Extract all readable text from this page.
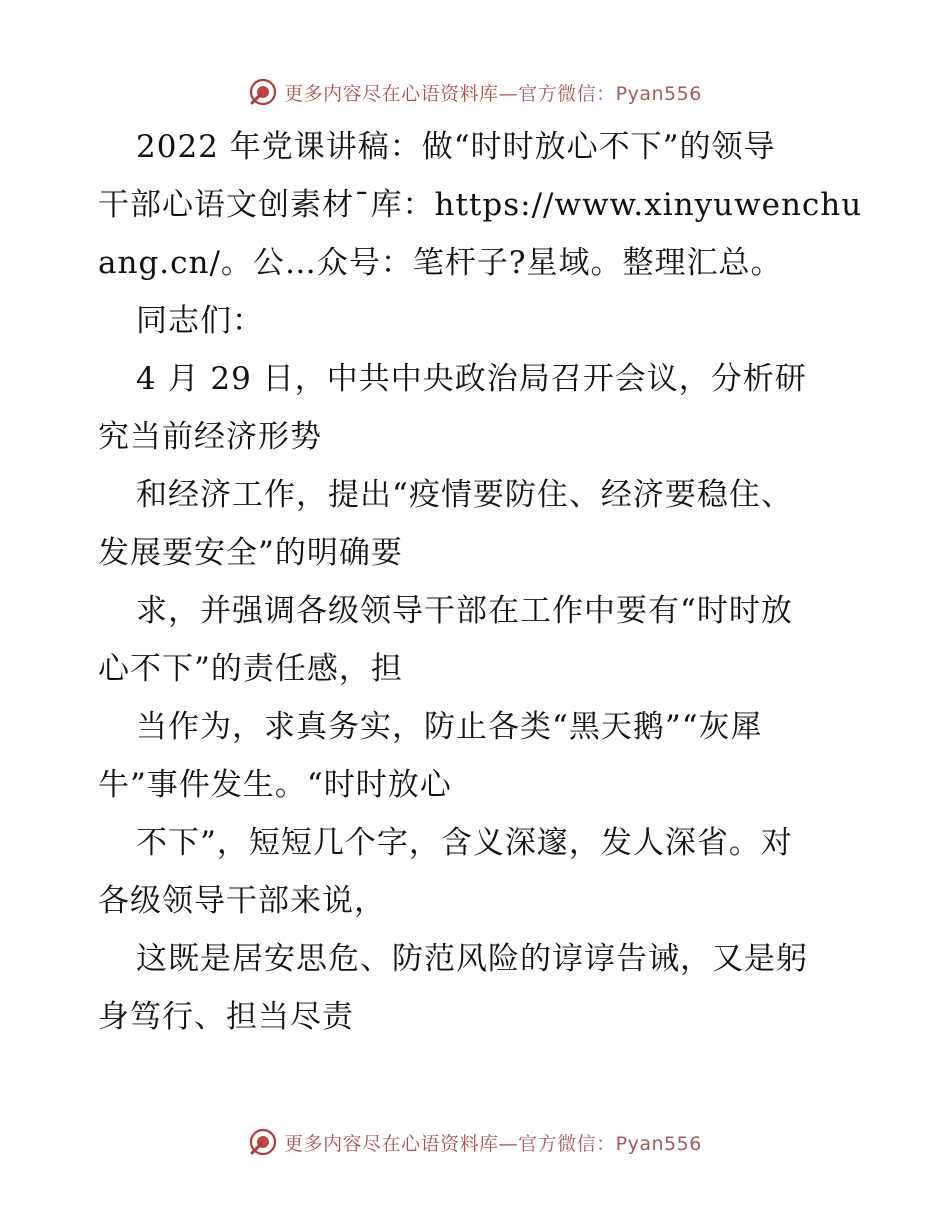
更多内容尽在心语资料库—官方微信：Pyan556
2022 年党课讲稿：做“时时放心不下”的领导
干部心语文创素材¯库：https://www.xinyuwenchu
ang.cn/。公…众号：笔杆子?星域。整理汇总。
同志们：
4 月 29 日，中共中央政治局召开会议，分析研
究当前经济形势
和经济工作，提出“疫情要防住、经济要稳住、
发展要安全”的明确要
求，并强调各级领导干部在工作中要有“时时放
心不下”的责任感，担
当作为，求真务实，防止各类“黑天鹅”“灰犀
牛”事件发生。“时时放心
不下”，短短几个字，含义深邃，发人深省。对
各级领导干部来说，
这既是居安思危、防范风险的谆谆告诫，又是躬
身笃行、担当尽责
更多内容尽在心语资料库—官方微信：Pyan556
